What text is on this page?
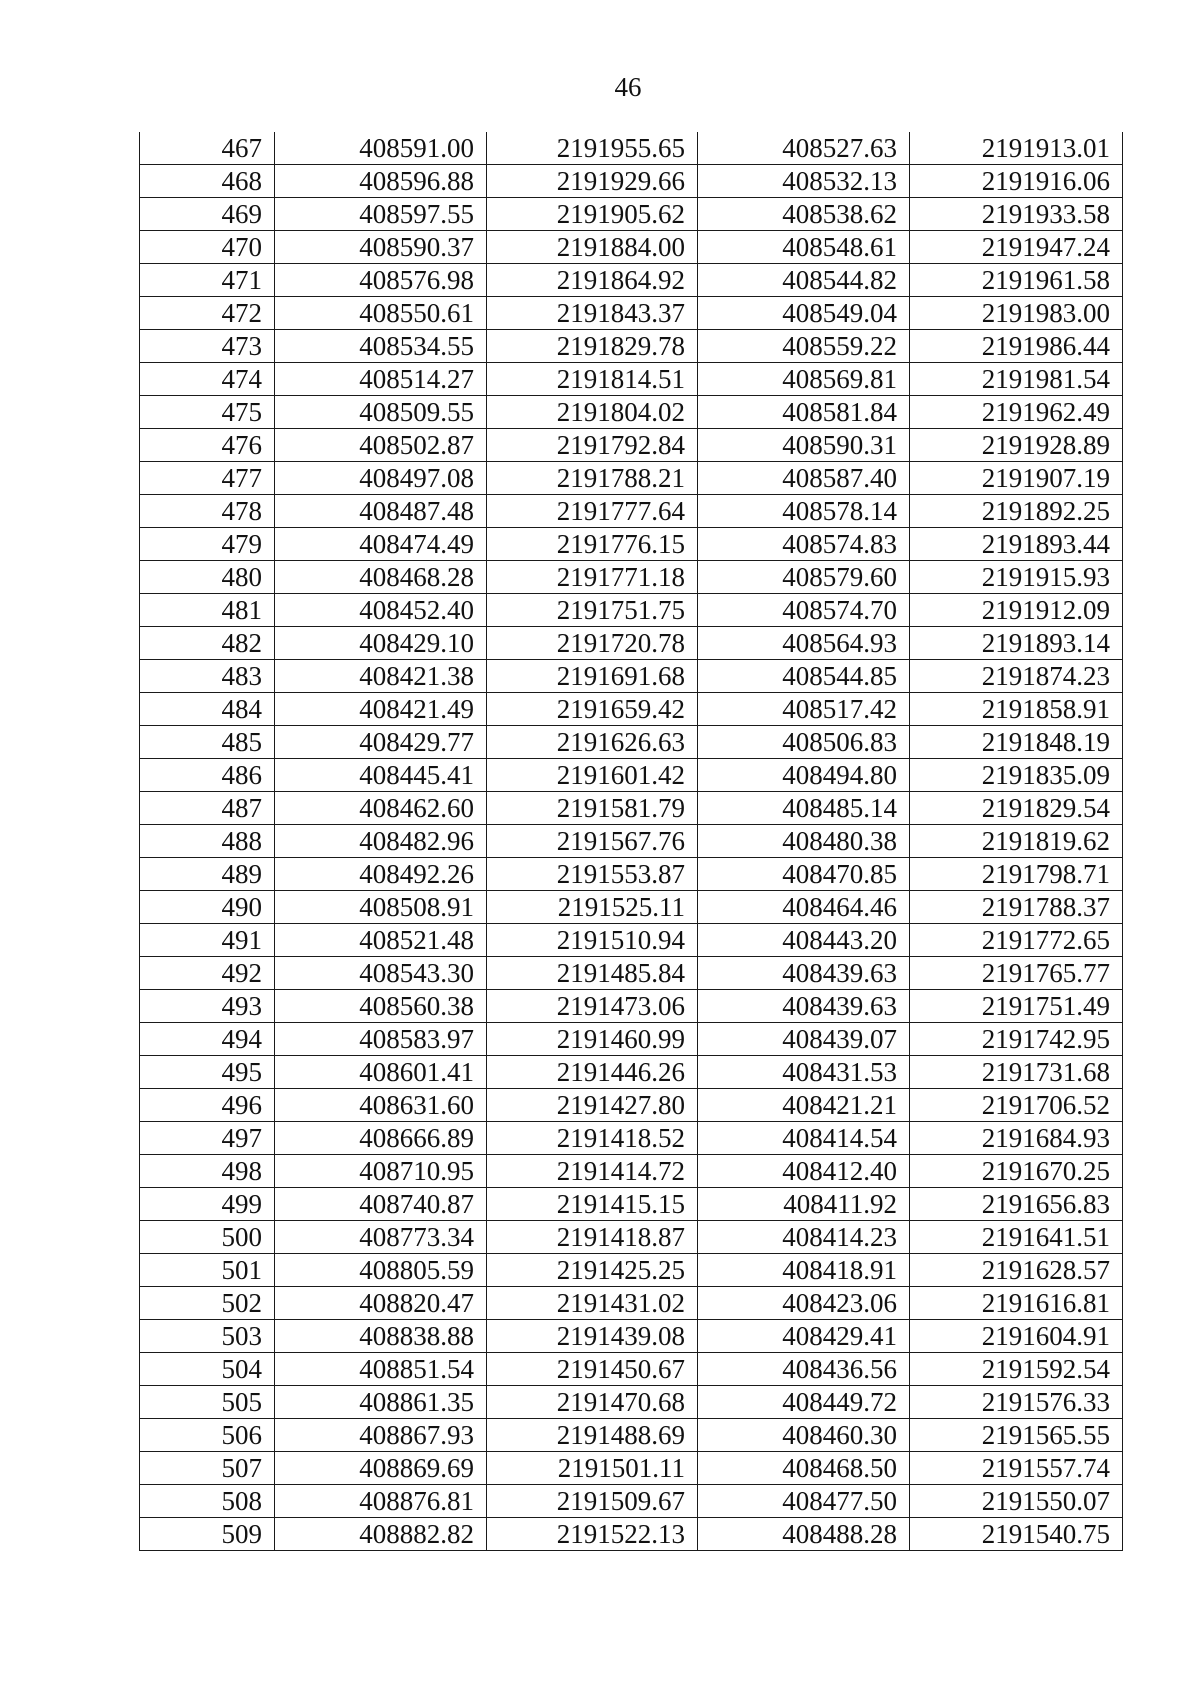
46
467	408591.00	2191955.65	408527.63	2191913.01
468	408596.88	2191929.66	408532.13	2191916.06
469	408597.55	2191905.62	408538.62	2191933.58
470	408590.37	2191884.00	408548.61	2191947.24
471	408576.98	2191864.92	408544.82	2191961.58
472	408550.61	2191843.37	408549.04	2191983.00
473	408534.55	2191829.78	408559.22	2191986.44
474	408514.27	2191814.51	408569.81	2191981.54
475	408509.55	2191804.02	408581.84	2191962.49
476	408502.87	2191792.84	408590.31	2191928.89
477	408497.08	2191788.21	408587.40	2191907.19
478	408487.48	2191777.64	408578.14	2191892.25
479	408474.49	2191776.15	408574.83	2191893.44
480	408468.28	2191771.18	408579.60	2191915.93
481	408452.40	2191751.75	408574.70	2191912.09
482	408429.10	2191720.78	408564.93	2191893.14
483	408421.38	2191691.68	408544.85	2191874.23
484	408421.49	2191659.42	408517.42	2191858.91
485	408429.77	2191626.63	408506.83	2191848.19
486	408445.41	2191601.42	408494.80	2191835.09
487	408462.60	2191581.79	408485.14	2191829.54
488	408482.96	2191567.76	408480.38	2191819.62
489	408492.26	2191553.87	408470.85	2191798.71
490	408508.91	2191525.11	408464.46	2191788.37
491	408521.48	2191510.94	408443.20	2191772.65
492	408543.30	2191485.84	408439.63	2191765.77
493	408560.38	2191473.06	408439.63	2191751.49
494	408583.97	2191460.99	408439.07	2191742.95
495	408601.41	2191446.26	408431.53	2191731.68
496	408631.60	2191427.80	408421.21	2191706.52
497	408666.89	2191418.52	408414.54	2191684.93
498	408710.95	2191414.72	408412.40	2191670.25
499	408740.87	2191415.15	408411.92	2191656.83
500	408773.34	2191418.87	408414.23	2191641.51
501	408805.59	2191425.25	408418.91	2191628.57
502	408820.47	2191431.02	408423.06	2191616.81
503	408838.88	2191439.08	408429.41	2191604.91
504	408851.54	2191450.67	408436.56	2191592.54
505	408861.35	2191470.68	408449.72	2191576.33
506	408867.93	2191488.69	408460.30	2191565.55
507	408869.69	2191501.11	408468.50	2191557.74
508	408876.81	2191509.67	408477.50	2191550.07
509	408882.82	2191522.13	408488.28	2191540.75
